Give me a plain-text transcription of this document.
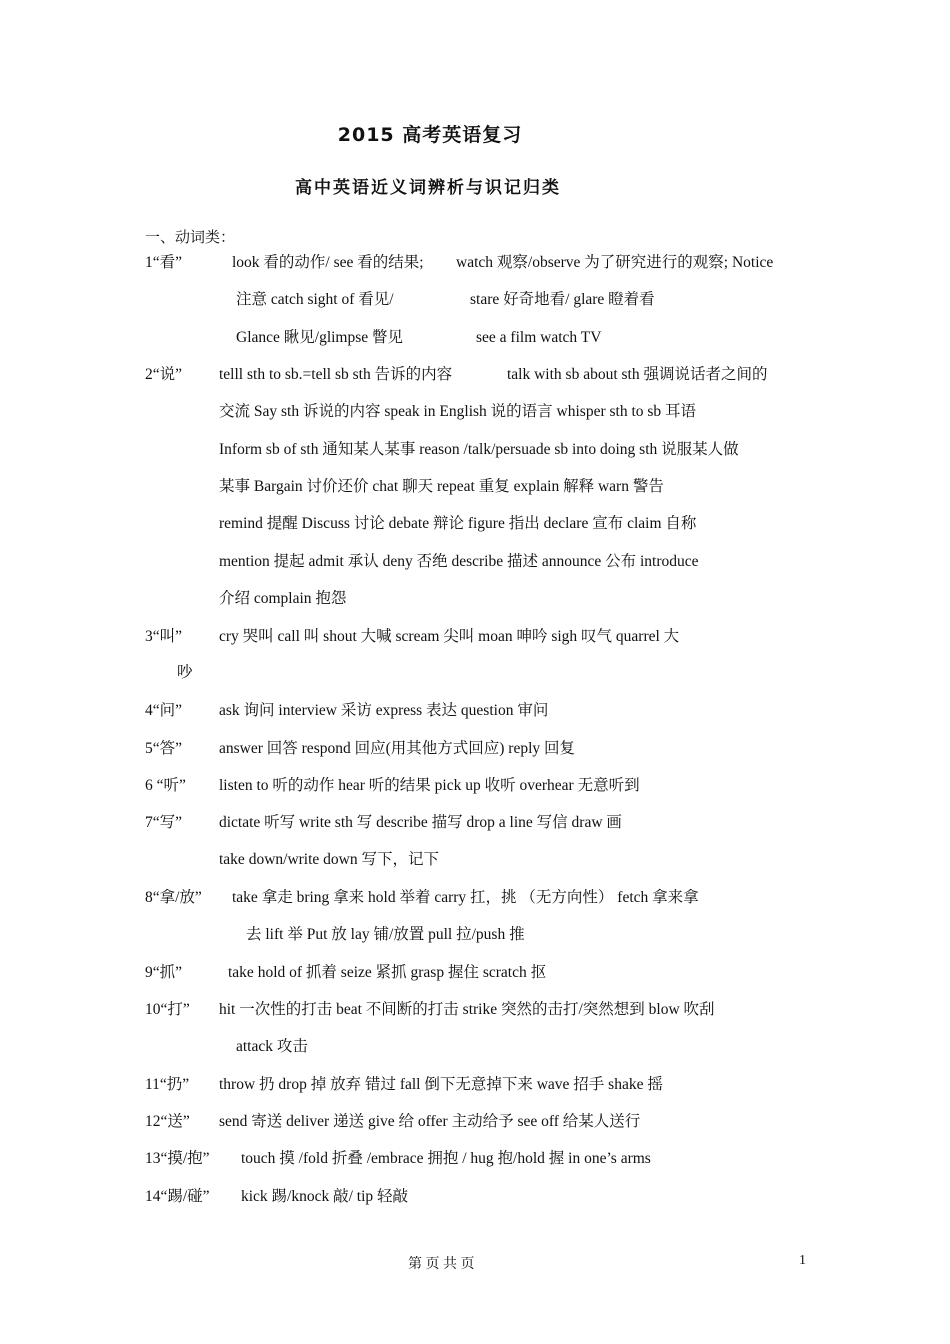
2015 高考英语复习
高中英语近义词辨析与识记归类
一、动词类：
1“看”	look 看的动作/ see 看的结果; watch 观察/observe 为了研究进行的观察; Notice
注意 catch sight of 看见/	stare 好奇地看/ glare 瞪着看
Glance 瞅见/glimpse 瞥见	see a film watch TV
2“说” telll sth to sb.=tell sb sth 告诉的内容	talk with sb about sth 强调说话者之间的
交流 Say sth 诉说的内容 speak in English 说的语言 whisper sth to sb 耳语
Inform sb of sth 通知某人某事 reason /talk/persuade sb into doing sth 说服某人做
某事 Bargain 讨价还价 chat 聊天 repeat 重复 explain 解释 warn 警告
remind 提醒 Discuss 讨论 debate 辩论 figure 指出 declare 宣布 claim 自称
mention 提起 admit 承认 deny 否绝 describe 描述 announce 公布 introduce
介绍 complain 抱怨
3“叫” cry 哭叫 call 叫 shout 大喊 scream 尖叫 moan 呻吟 sigh 叹气 quarrel 大
吵
4“问” ask 询问 interview 采访 express 表达 question 审问
5“答” answer 回答 respond 回应(用其他方式回应) reply 回复
6 “听” listen to 听的动作 hear 听的结果 pick up 收听 overhear 无意听到
7“写” dictate 听写 write sth 写 describe 描写 drop a line 写信 draw 画
take down/write down 写下，记下
8“拿/放” take 拿走 bring 拿来 hold 举着 carry 扛，挑 （无方向性） fetch 拿来拿
去 lift 举 Put 放 lay 铺/放置 pull 拉/push 推
9“抓”	take hold of 抓着 seize 紧抓 grasp 握住 scratch 抠
10“打” hit 一次性的打击 beat 不间断的打击 strike 突然的击打/突然想到 blow 吹刮
attack 攻击
11“扔” throw 扔 drop 掉 放弃 错过 fall 倒下无意掉下来 wave 招手 shake 摇
12“送” send 寄送 deliver 递送 give 给 offer 主动给予 see off 给某人送行
13“摸/抱” touch 摸 /fold 折叠 /embrace 拥抱 / hug 抱/hold 握 in one’s arms
14“踢/碰” kick 踢/knock 敲/ tip 轻敲
第 页 共 页	1
